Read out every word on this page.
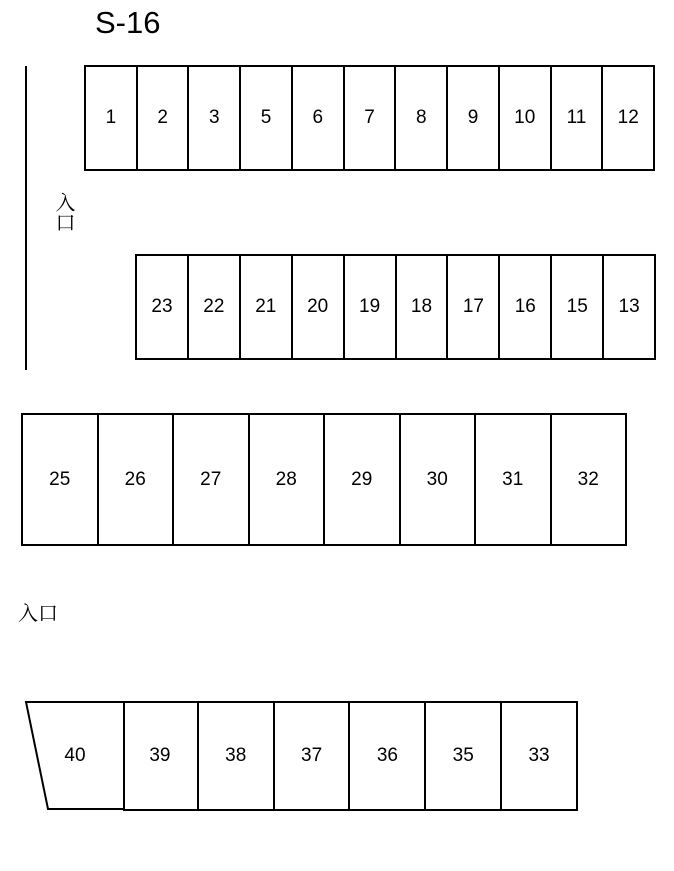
S-16
入口
1	2	3	5	6	7	8	9	10	11	12
23	22	21	20	19	18	17	16	15	13
25	26	27	28	29	30	31	32
入口
40	39	38	37	36	35	33
